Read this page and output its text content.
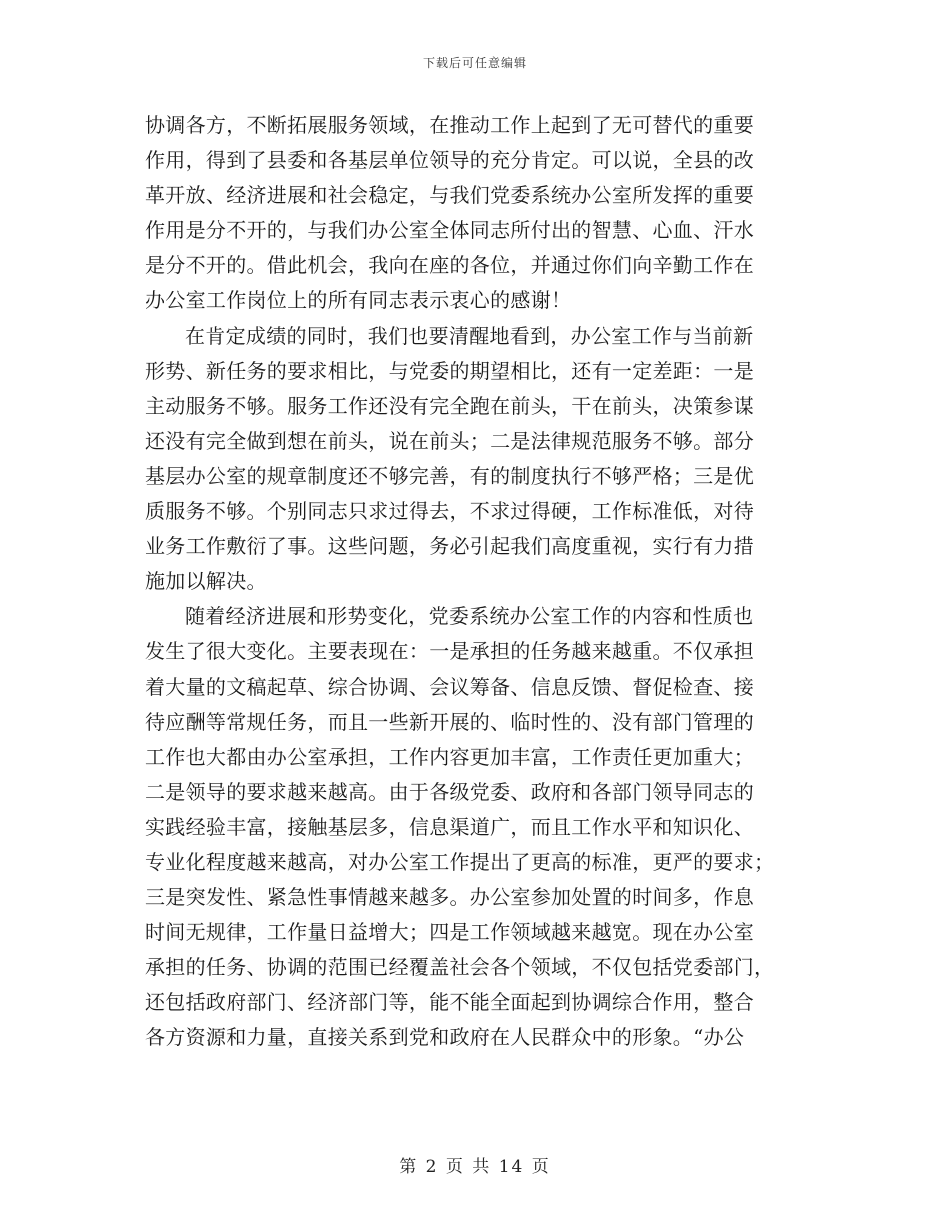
下载后可任意编辑
协调各方，不断拓展服务领域，在推动工作上起到了无可替代的重要
作用，得到了县委和各基层单位领导的充分肯定。可以说，全县的改
革开放、经济进展和社会稳定，与我们党委系统办公室所发挥的重要
作用是分不开的，与我们办公室全体同志所付出的智慧、心血、汗水
是分不开的。借此机会，我向在座的各位，并通过你们向辛勤工作在
办公室工作岗位上的所有同志表示衷心的感谢！
在肯定成绩的同时，我们也要清醒地看到，办公室工作与当前新
形势、新任务的要求相比，与党委的期望相比，还有一定差距：一是
主动服务不够。服务工作还没有完全跑在前头，干在前头，决策参谋
还没有完全做到想在前头，说在前头；二是法律规范服务不够。部分
基层办公室的规章制度还不够完善，有的制度执行不够严格；三是优
质服务不够。个别同志只求过得去，不求过得硬，工作标准低，对待
业务工作敷衍了事。这些问题，务必引起我们高度重视，实行有力措
施加以解决。
随着经济进展和形势变化，党委系统办公室工作的内容和性质也
发生了很大变化。主要表现在：一是承担的任务越来越重。不仅承担
着大量的文稿起草、综合协调、会议筹备、信息反馈、督促检查、接
待应酬等常规任务，而且一些新开展的、临时性的、没有部门管理的
工作也大都由办公室承担，工作内容更加丰富，工作责任更加重大；
二是领导的要求越来越高。由于各级党委、政府和各部门领导同志的
实践经验丰富，接触基层多，信息渠道广，而且工作水平和知识化、
专业化程度越来越高，对办公室工作提出了更高的标准，更严的要求；
三是突发性、紧急性事情越来越多。办公室参加处置的时间多，作息
时间无规律，工作量日益增大；四是工作领域越来越宽。现在办公室
承担的任务、协调的范围已经覆盖社会各个领域，不仅包括党委部门，
还包括政府部门、经济部门等，能不能全面起到协调综合作用，整合
各方资源和力量，直接关系到党和政府在人民群众中的形象。“办公
第 2 页 共 14 页
